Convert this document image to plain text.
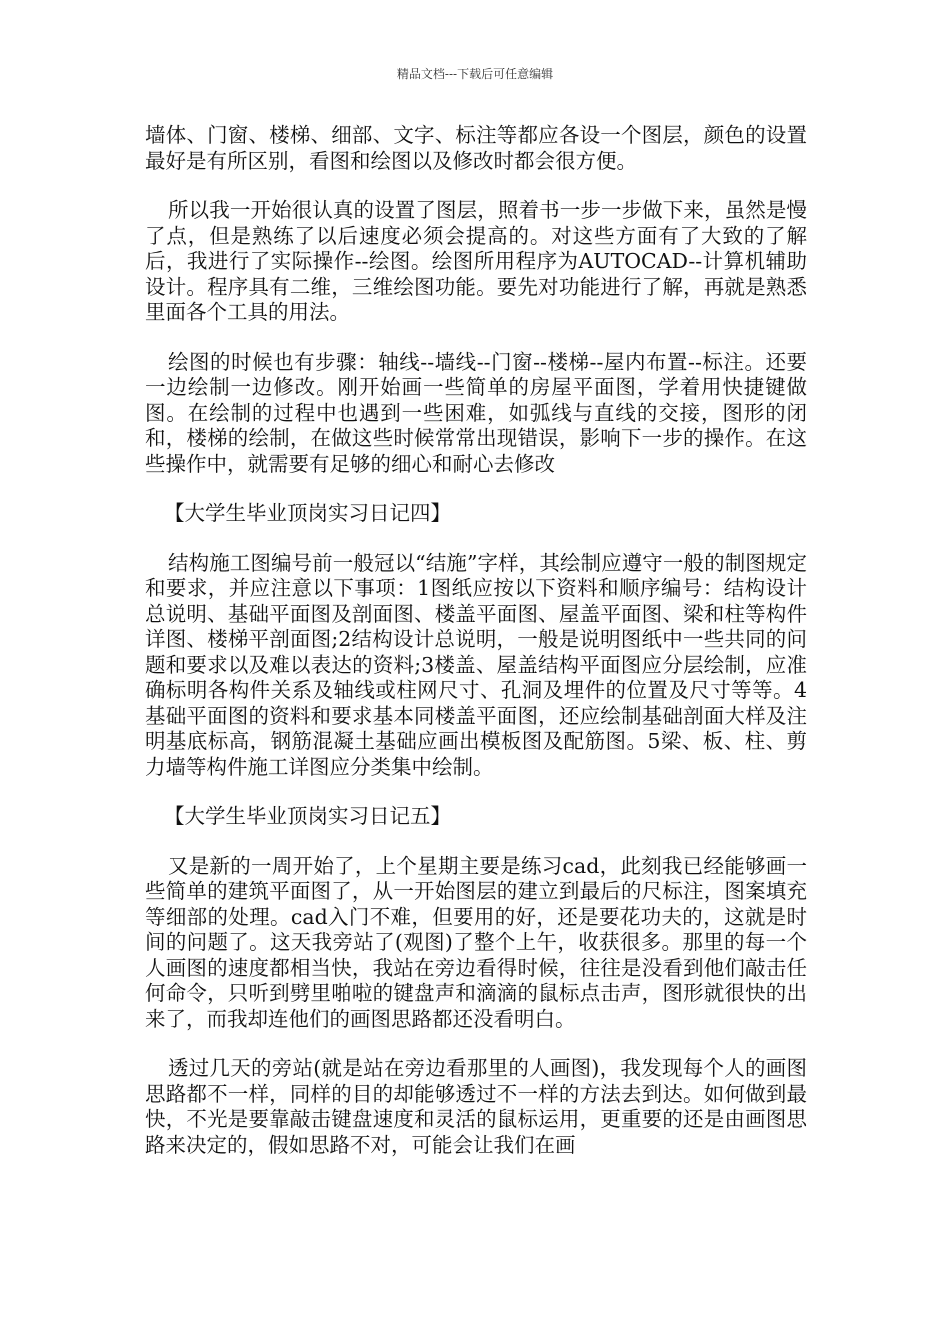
精品文档---下载后可任意编辑

墙体、门窗、楼梯、细部、文字、标注等都应各设一个图层，颜色的设置最好是有所区别，看图和绘图以及修改时都会很方便。

所以我一开始很认真的设置了图层，照着书一步一步做下来，虽然是慢了点，但是熟练了以后速度必须会提高的。对这些方面有了大致的了解后，我进行了实际操作--绘图。绘图所用程序为AUTOCAD--计算机辅助设计。程序具有二维，三维绘图功能。要先对功能进行了解，再就是熟悉里面各个工具的用法。

绘图的时候也有步骤：轴线--墙线--门窗--楼梯--屋内布置--标注。还要一边绘制一边修改。刚开始画一些简单的房屋平面图，学着用快捷键做图。在绘制的过程中也遇到一些困难，如弧线与直线的交接，图形的闭和，楼梯的绘制，在做这些时候常常出现错误，影响下一步的操作。在这些操作中，就需要有足够的细心和耐心去修改

【大学生毕业顶岗实习日记四】

结构施工图编号前一般冠以“结施”字样，其绘制应遵守一般的制图规定和要求，并应注意以下事项：1图纸应按以下资料和顺序编号：结构设计总说明、基础平面图及剖面图、楼盖平面图、屋盖平面图、梁和柱等构件详图、楼梯平剖面图;2结构设计总说明，一般是说明图纸中一些共同的问题和要求以及难以表达的资料;3楼盖、屋盖结构平面图应分层绘制，应准确标明各构件关系及轴线或柱网尺寸、孔洞及埋件的位置及尺寸等等。4基础平面图的资料和要求基本同楼盖平面图，还应绘制基础剖面大样及注明基底标高，钢筋混凝土基础应画出模板图及配筋图。5梁、板、柱、剪力墙等构件施工详图应分类集中绘制。

【大学生毕业顶岗实习日记五】

又是新的一周开始了，上个星期主要是练习cad，此刻我已经能够画一些简单的建筑平面图了，从一开始图层的建立到最后的尺标注，图案填充等细部的处理。cad入门不难，但要用的好，还是要花功夫的，这就是时间的问题了。这天我旁站了(观图)了整个上午，收获很多。那里的每一个人画图的速度都相当快，我站在旁边看得时候，往往是没看到他们敲击任何命令，只听到劈里啪啦的键盘声和滴滴的鼠标点击声，图形就很快的出来了，而我却连他们的画图思路都还没看明白。

透过几天的旁站(就是站在旁边看那里的人画图)，我发现每个人的画图思路都不一样，同样的目的却能够透过不一样的方法去到达。如何做到最快，不光是要靠敲击键盘速度和灵活的鼠标运用，更重要的还是由画图思路来决定的，假如思路不对，可能会让我们在画
